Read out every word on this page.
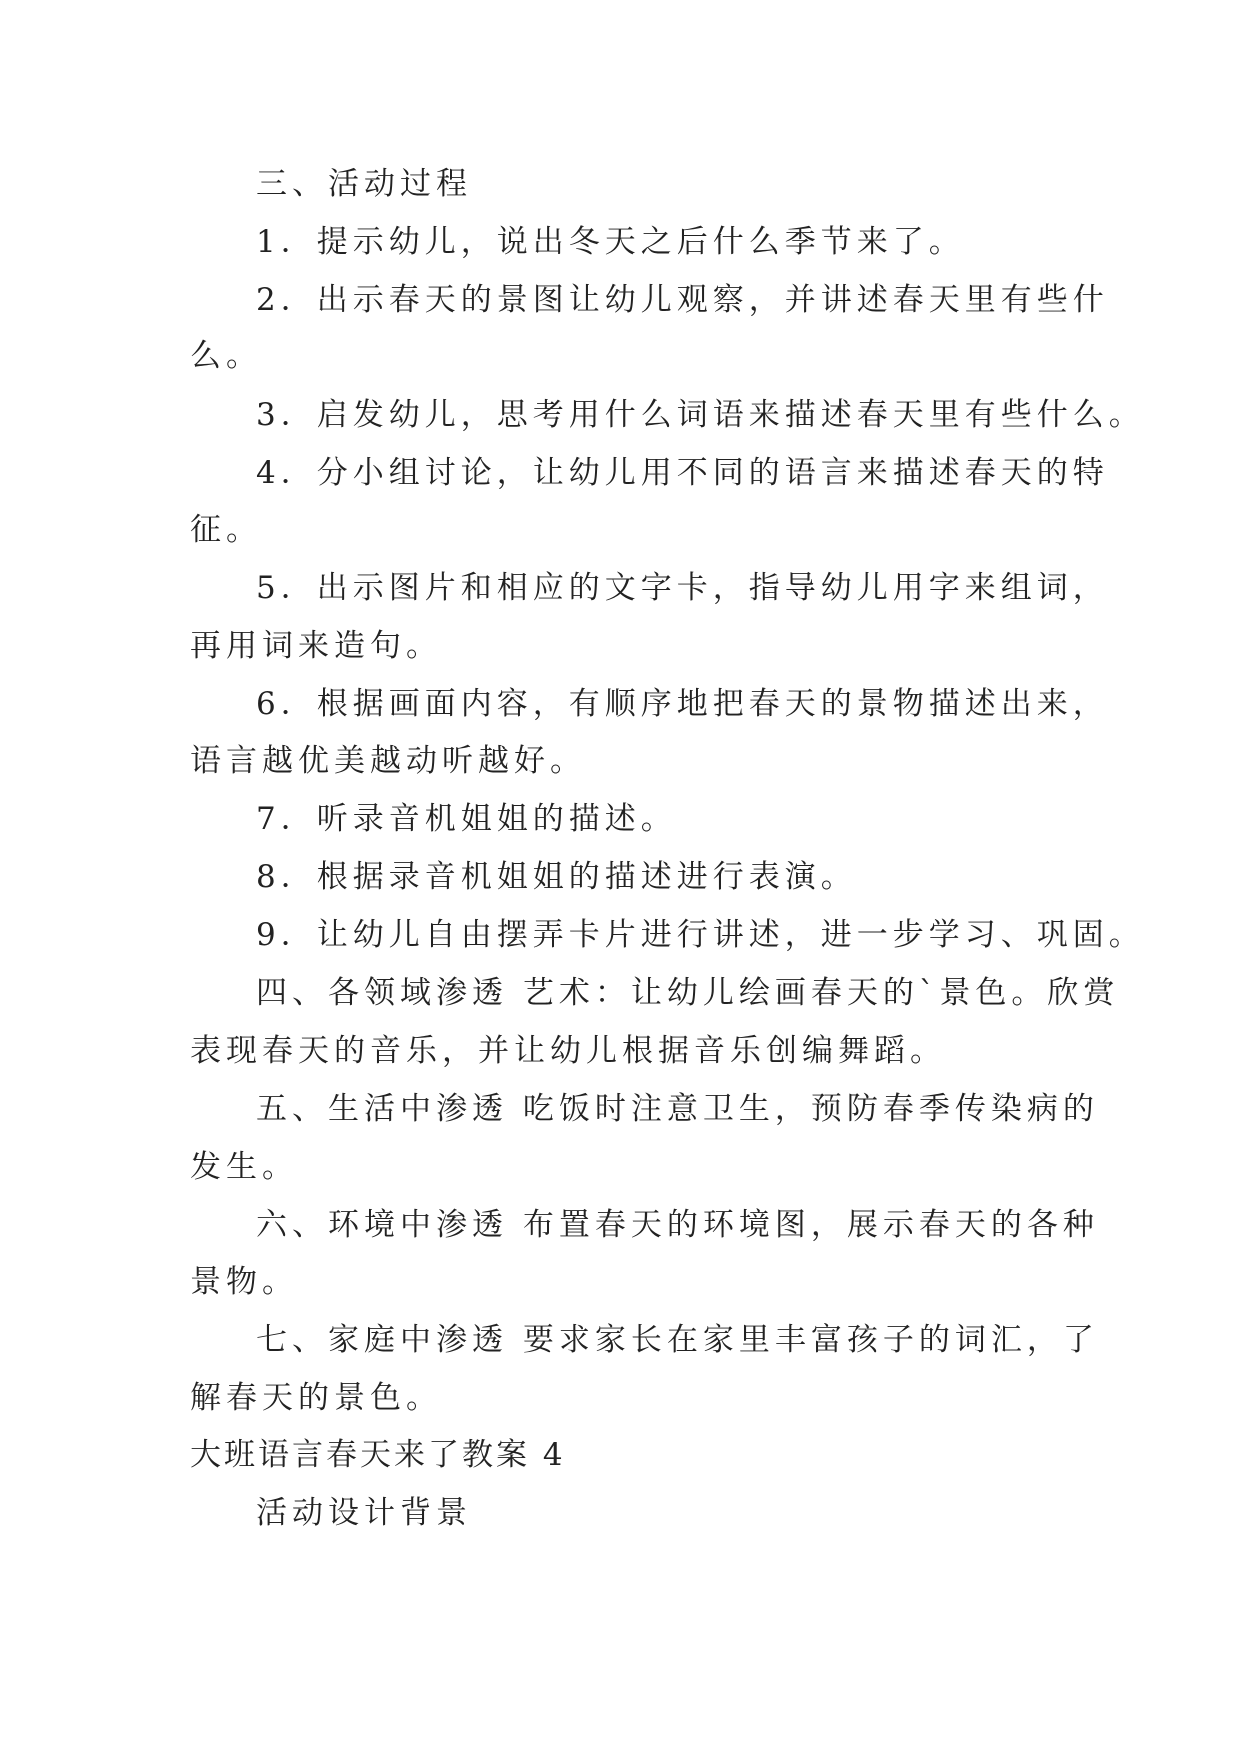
三、活动过程
1．提示幼儿，说出冬天之后什么季节来了。
2．出示春天的景图让幼儿观察，并讲述春天里有些什
么。
3．启发幼儿，思考用什么词语来描述春天里有些什么。
4．分小组讨论，让幼儿用不同的语言来描述春天的特
征。
5．出示图片和相应的文字卡，指导幼儿用字来组词，
再用词来造句。
6．根据画面内容，有顺序地把春天的景物描述出来，
语言越优美越动听越好。
7．听录音机姐姐的描述。
8．根据录音机姐姐的描述进行表演。
9．让幼儿自由摆弄卡片进行讲述，进一步学习、巩固。
四、各领域渗透 艺术：让幼儿绘画春天的`景色。欣赏
表现春天的音乐，并让幼儿根据音乐创编舞蹈。
五、生活中渗透 吃饭时注意卫生，预防春季传染病的
发生。
六、环境中渗透 布置春天的环境图，展示春天的各种
景物。
七、家庭中渗透 要求家长在家里丰富孩子的词汇，了
解春天的景色。
大班语言春天来了教案 4
活动设计背景
